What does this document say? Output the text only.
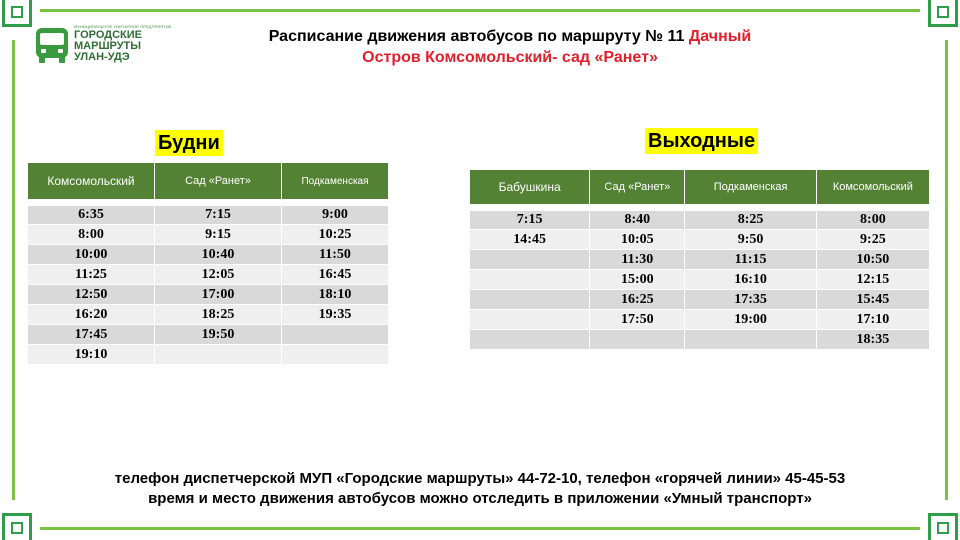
МУНИЦИПАЛЬНОЕ УНИТАРНОЕ ПРЕДПРИЯТИЕ
ГОРОДСКИЕ
МАРШРУТЫ
УЛАН-УДЭ
Расписание движения автобусов по маршруту № 11 Дачный
Остров Комсомольский- сад «Ранет»
Будни
Комсомольский	Сад «Ранет»	Подкаменская
6:35	7:15	9:00
8:00	9:15	10:25
10:00	10:40	11:50
11:25	12:05	16:45
12:50	17:00	18:10
16:20	18:25	19:35
17:45	19:50	
19:10		
Выходные
Бабушкина	Сад «Ранет»	Подкаменская	Комсомольский
7:15	8:40	8:25	8:00
14:45	10:05	9:50	9:25
	11:30	11:15	10:50
	15:00	16:10	12:15
	16:25	17:35	15:45
	17:50	19:00	17:10
			18:35
телефон диспетчерской МУП «Городские маршруты» 44-72-10, телефон «горячей линии» 45-45-53
время и место движения автобусов можно отследить в приложении «Умный транспорт»
